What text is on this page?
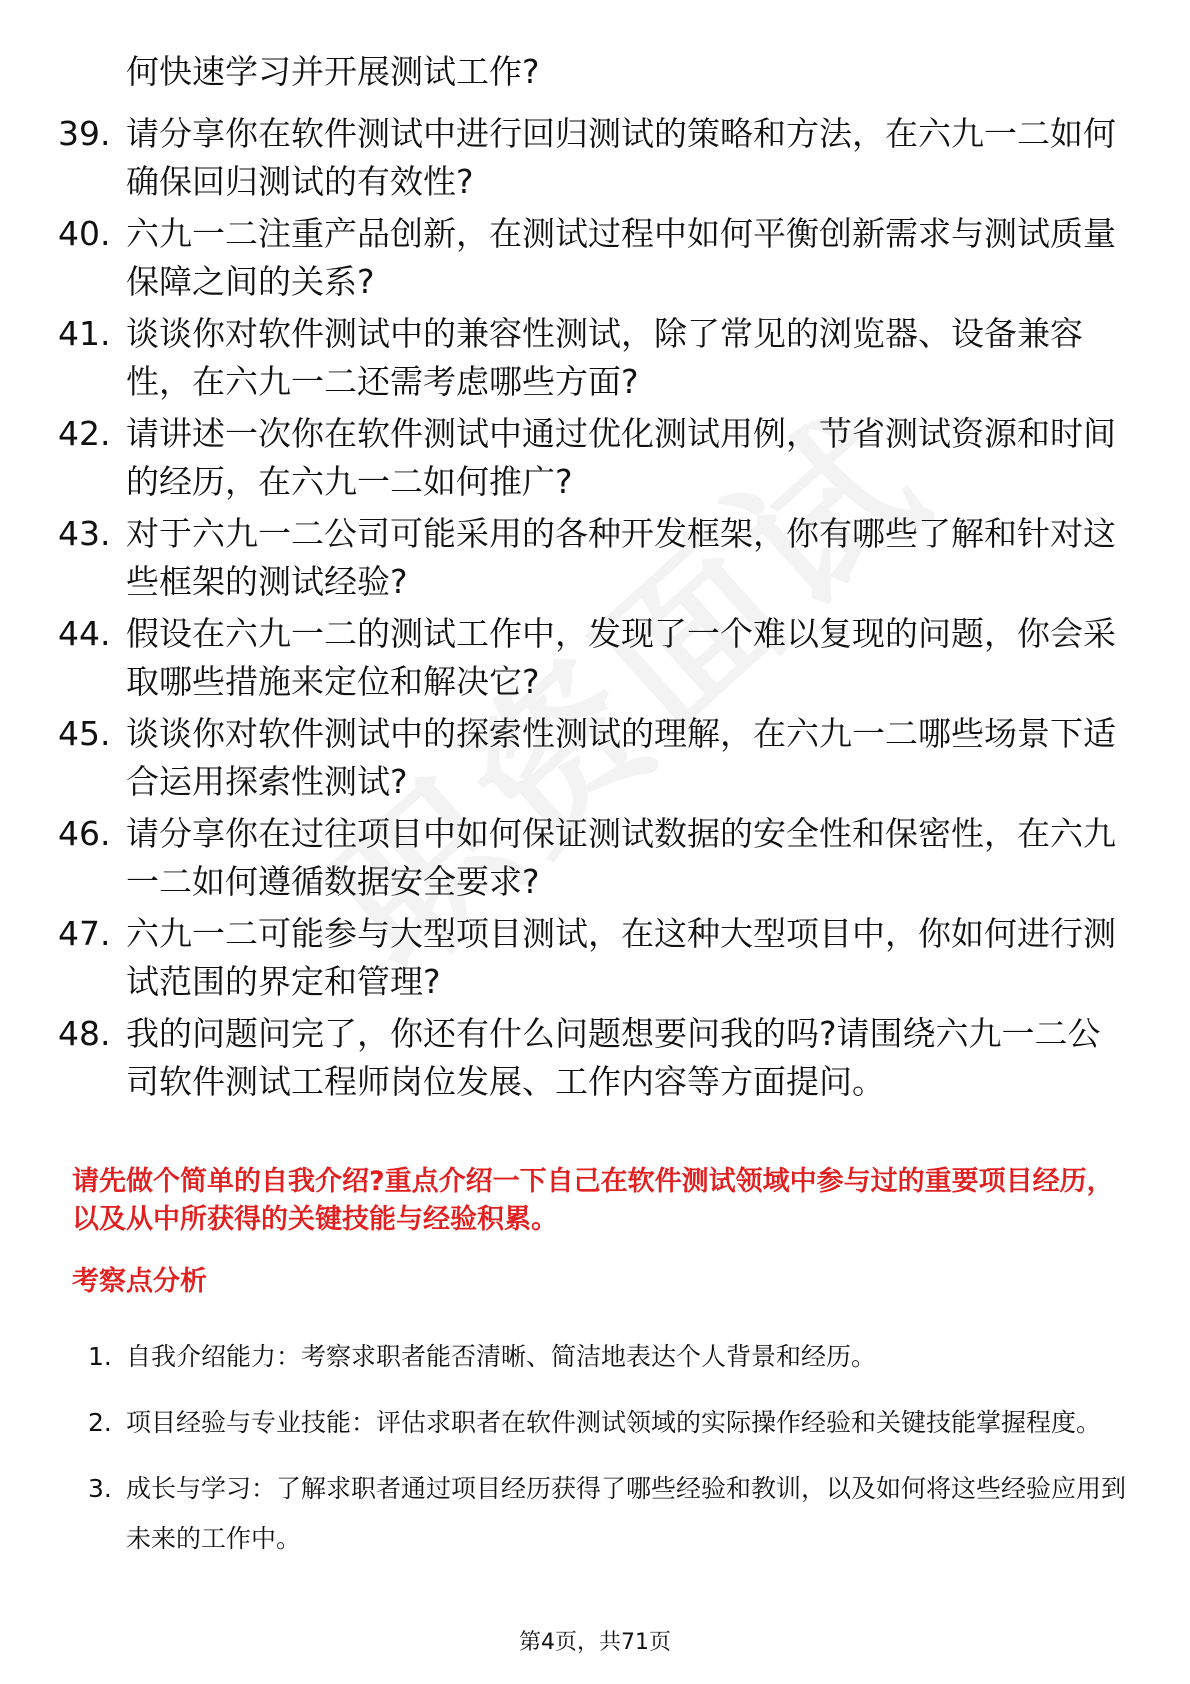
何快速学习并开展测试工作?

39. 请分享你在软件测试中进行回归测试的策略和方法，在六九一二如何确保回归测试的有效性?
40. 六九一二注重产品创新，在测试过程中如何平衡创新需求与测试质量保障之间的关系?
41. 谈谈你对软件测试中的兼容性测试，除了常见的浏览器、设备兼容性，在六九一二还需考虑哪些方面?
42. 请讲述一次你在软件测试中通过优化测试用例，节省测试资源和时间的经历，在六九一二如何推广?
43. 对于六九一二公司可能采用的各种开发框架，你有哪些了解和针对这些框架的测试经验?
44. 假设在六九一二的测试工作中，发现了一个难以复现的问题，你会采取哪些措施来定位和解决它?
45. 谈谈你对软件测试中的探索性测试的理解，在六九一二哪些场景下适合运用探索性测试?
46. 请分享你在过往项目中如何保证测试数据的安全性和保密性，在六九一二如何遵循数据安全要求?
47. 六九一二可能参与大型项目测试，在这种大型项目中，你如何进行测试范围的界定和管理?
48. 我的问题问完了，你还有什么问题想要问我的吗?请围绕六九一二公司软件测试工程师岗位发展、工作内容等方面提问。

请先做个简单的自我介绍?重点介绍一下自己在软件测试领域中参与过的重要项目经历，以及从中所获得的关键技能与经验积累。

考察点分析
1. 自我介绍能力：考察求职者能否清晰、简洁地表达个人背景和经历。
2. 项目经验与专业技能：评估求职者在软件测试领域的实际操作经验和关键技能掌握程度。
3. 成长与学习：了解求职者通过项目经历获得了哪些经验和教训，以及如何将这些经验应用到未来的工作中。

第4页，共71页
